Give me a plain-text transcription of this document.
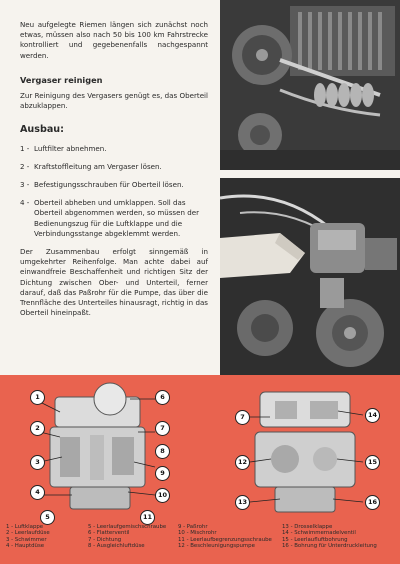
Neu aufgelegte Riemen längen sich zunächst noch etwas, müssen also nach 50 bis 100 km Fahrstrecke kontrolliert und gegebenenfalls nachgespannt werden.

Vergaser reinigen

Zur Reinigung des Vergasers genügt es, das Oberteil abzuklappen.

Ausbau:
1 - Luftfilter abnehmen.
2 - Kraftstoffleitung am Vergaser lösen.
3 - Befestigungsschrauben für Oberteil lösen.
4 - Oberteil abheben und umklappen. Soll das Oberteil abgenommen werden, so müssen der Bedienungszug für die Luftklappe und die Verbindungsstange abgeklemmt werden.

Der Zusammenbau erfolgt sinngemäß in umgekehrter Reihenfolge. Man achte dabei auf einwandfreie Beschaffenheit und richtigen Sitz der Dichtung zwischen Ober- und Unterteil, ferner darauf, daß das Paßrohr für die Pumpe, das über die Trennfläche des Unterteiles hinausragt, richtig in das Oberteil hineinpaßt.

1
2
3
4
5
6
7
8
9
10
11
7
12
13
14
15
16
1 - Luftklappe
2 - Leerlaufdüse
3 - Schwimmer
4 - Hauptdüse
5 - Leerlaufgemischschraube
6 - Flatterventil
7 - Dichtung
8 - Ausgleichluftdüse
9 - Paßrohr
10 - Mischrohr
11 - Leerlaufbegrenzungsschraube
12 - Beschleunigungspumpe
13 - Drosselklappe
14 - Schwimmernadelventil
15 - Leerlaufluftbohrung
16 - Bohrung für Unterdruckleitung
